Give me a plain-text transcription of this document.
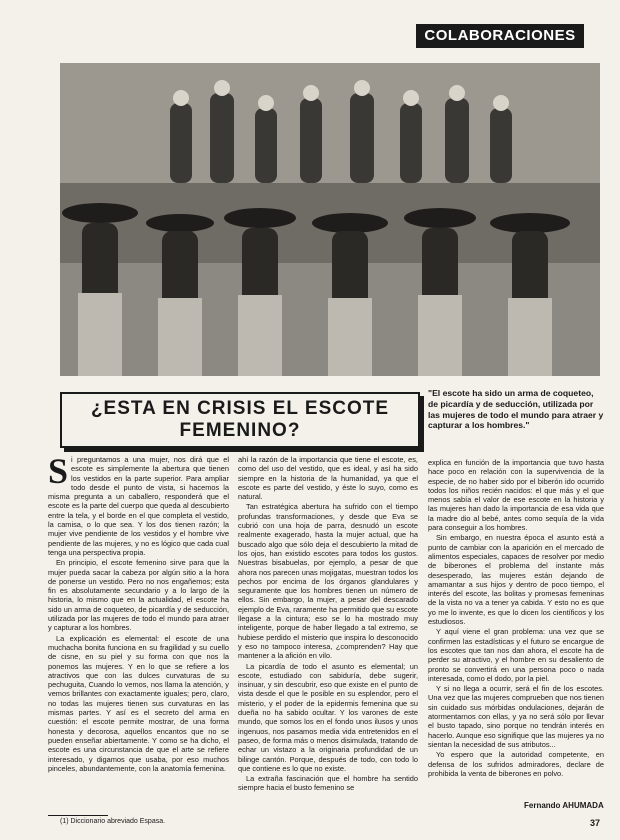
COLABORACIONES
¿ESTA EN CRISIS EL ESCOTE
FEMENINO?
"El escote ha sido un arma de coqueteo, de picardía y de seducción, utilizada por las mujeres de todo el mundo para atraer y capturar a los hombres."

Si preguntamos a una mujer, nos dirá que el escote es simplemente la abertura que tienen los vestidos en la parte superior. Para ampliar todo desde el punto de vista, si hacemos la misma pregunta a un caballero, responderá que el escote es la parte del cuerpo que queda al descubierto entre la tela, y el borde en el que completa el vestido, la camisa, o lo que sea. Y los dos tienen razón; la mujer vive pendiente de los vestidos y el hombre vive pendiente de las mujeres, y no es lógico que cada cual tenga una perspectiva propia.

En principio, el escote femenino sirve para que la mujer pueda sacar la cabeza por algún sitio a la hora de ponerse un vestido. Pero no nos engañemos; esta fin es absolutamente secundario y a lo largo de la historia, lo mismo que en la actualidad, el escote ha sido un arma de coqueteo, de picardía y de seducción, utilizada por las mujeres de todo el mundo para atraer y capturar a los hombres.

La explicación es elemental: el escote de una muchacha bonita funciona en su fragilidad y su cuello de cisne, en su piel y su forma con que nos la ponemos las mujeres. Y en lo que se refiere a los atractivos que con las dulces curvaturas de su pechuguita, Cuando lo vemos, nos llama la atención, y vemos brillantes con exactamente iguales; pero, claro, no todas las mujeres tienen sus curvaturas en las mismas partes. Y así es el secreto del arma en cuestión: el escote permite mostrar, de una forma honesta y decorosa, aquellos encantos que no se pueden enseñar abiertamente. Y como se ha dicho, el escote es una circunstancia de que el arte se refiere interesado, y digamos que usaba, por eso muchos pinceles, abundantemente, con la anatomía femenina.

ahí la razón de la importancia que tiene el escote, es, como del uso del vestido, que es ideal, y así ha sido siempre en la historia de la humanidad, ya que el escote es parte del vestido, y éste lo suyo, como es natural.

Tan estratégica abertura ha sufrido con el tiempo profundas transformaciones, y desde que Eva se cubrió con una hoja de parra, desnudó un escote realmente exagerado, hasta la mujer actual, que ha buscado algo que sólo deja el descubierto la mitad de los ojos, han existido escotes para todos los gustos. Nuestras bisabuelas, por ejemplo, a pesar de que ahora nos parecen unas mojigatas, muestran todos los pechos por encima de los órganos glandulares y seguramente que los hombres tienen un número de ellos. Sin embargo, la mujer, a pesar del descarado ejemplo de Eva, raramente ha permitido que su escote llegase a la cintura; eso se lo ha mostrado muy inteligente, porque de haber llegado a tal extremo, se hubiese perdido el misterio que inspira lo desconocido y eso no tampoco interesa, ¿comprenden? Hay que mantener a la afición en vilo.

La picardía de todo el asunto es elemental; un escote, estudiado con sabiduría, debe sugerir, insinuar, y sin descubrir, eso que existe en el punto de vista desde el que le posible en su esplendor, pero el misterio, y el poder de la epidermis femenina que su dueña no ha sabido ocultar. Y los varones de este mundo, que somos los en el fondo unos ilusos y unos ingenuos, nos pasamos media vida entretenidos en el paseo, de forma más o menos disimulada, tratando de echar un vistazo a la originaria profundidad de un bilinge cantón. Porque, después de todo, con todo lo que contiene es lo que no existe.

La extraña fascinación que el hombre ha sentido siempre hacia el busto femenino se

explica en función de la importancia que tuvo hasta hace poco en relación con la supervivencia de la especie, de no haber sido por el biberón ido ocurrido todos los niños recién nacidos: el que más y el que menos sabía el valor de ese escote en la historia y las mujeres han dado la importancia de esa vida que la madre dio al bebé, antes como sequía de la vida para conseguir a los hombres.

Sin embargo, en nuestra época el asunto está a punto de cambiar con la aparición en el mercado de alimentos especiales, capaces de resolver por medio de biberones el problema del instante más desesperado, las mujeres están dejando de amamantar a sus hijos y dentro de poco tiempo, el interés del escote, las bolitas y promesas femeninas de la vista no va a tener ya cabida. Y esto no es que yo me lo invente, es que lo dicen los científicos y los estudiosos.

Y aquí viene el gran problema: una vez que se confirmen las estadísticas y el futuro se encargue de los escotes que tan nos dan ahora, el escote ha de perder su atractivo, y el hombre en su desaliento de pronto se convertirá en una persona poco o nada interesada, como el dodo, por la piel.

Y si no llega a ocurrir, será el fin de los escotes. Una vez que las mujeres comprueben que nos tienen sin cuidado sus mórbidas ondulaciones, dejarán de atormentarnos con ellas, y ya no será sólo por llevar el busto tapado, sino porque no tendrán interés en hacerlo. Aunque eso signifique que las mujeres ya no sientan la necesidad de sus atributos...

Yo espero que la autoridad competente, en defensa de los sufridos admiradores, declare de prohibida la venta de biberones en polvo.

Fernando AHUMADA
(1) Diccionario abreviado Espasa.	37
